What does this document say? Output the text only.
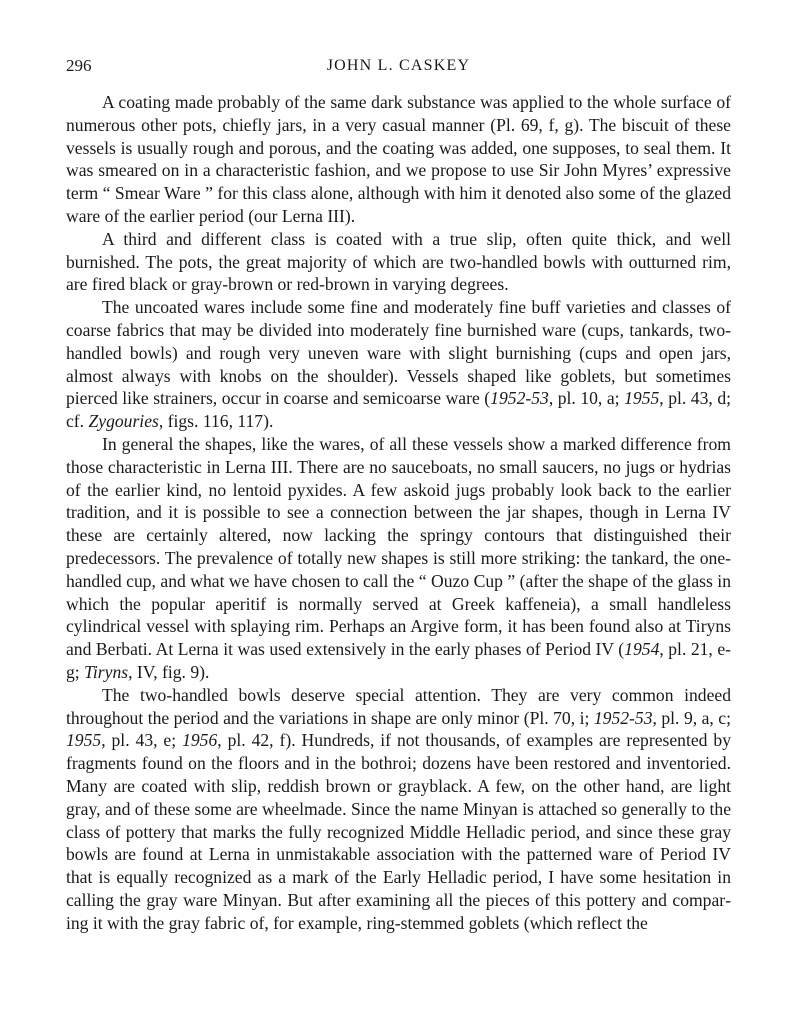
296	JOHN L. CASKEY

A coating made probably of the same dark substance was applied to the whole surface of numerous other pots, chiefly jars, in a very casual manner (Pl. 69, f, g). The biscuit of these vessels is usually rough and porous, and the coating was added, one supposes, to seal them. It was smeared on in a characteristic fashion, and we propose to use Sir John Myres’ expressive term “ Smear Ware ” for this class alone, although with him it denoted also some of the glazed ware of the earlier period (our Lerna III).

A third and different class is coated with a true slip, often quite thick, and well burnished. The pots, the great majority of which are two-handled bowls with outturned rim, are fired black or gray-brown or red-brown in varying degrees.

The uncoated wares include some fine and moderately fine buff varieties and classes of coarse fabrics that may be divided into moderately fine burnished ware (cups, tankards, two-handled bowls) and rough very uneven ware with slight burnishing (cups and open jars, almost always with knobs on the shoulder). Vessels shaped like goblets, but sometimes pierced like strainers, occur in coarse and semicoarse ware (1952-53, pl. 10, a; 1955, pl. 43, d; cf. Zygouries, figs. 116, 117).

In general the shapes, like the wares, of all these vessels show a marked difference from those characteristic in Lerna III. There are no sauceboats, no small saucers, no jugs or hydrias of the earlier kind, no lentoid pyxides. A few askoid jugs probably look back to the earlier tradition, and it is possible to see a connection between the jar shapes, though in Lerna IV these are certainly altered, now lacking the springy contours that distinguished their predecessors. The prevalence of totally new shapes is still more striking: the tankard, the one-handled cup, and what we have chosen to call the “ Ouzo Cup ” (after the shape of the glass in which the popular aperitif is normally served at Greek kaffeneia), a small handleless cylindrical vessel with splaying rim. Perhaps an Argive form, it has been found also at Tiryns and Berbati. At Lerna it was used extensively in the early phases of Period IV (1954, pl. 21, e-g; Tiryns, IV, fig. 9).

The two-handled bowls deserve special attention. They are very common indeed throughout the period and the variations in shape are only minor (Pl. 70, i; 1952-53, pl. 9, a, c; 1955, pl. 43, e; 1956, pl. 42, f). Hundreds, if not thousands, of examples are represented by fragments found on the floors and in the bothroi; dozens have been restored and inventoried. Many are coated with slip, reddish brown or grayblack. A few, on the other hand, are light gray, and of these some are wheelmade. Since the name Minyan is attached so generally to the class of pottery that marks the fully recognized Middle Helladic period, and since these gray bowls are found at Lerna in unmistakable association with the patterned ware of Period IV that is equally recognized as a mark of the Early Helladic period, I have some hesitation in calling the gray ware Minyan. But after examining all the pieces of this pottery and comparing it with the gray fabric of, for example, ring-stemmed goblets (which reflect the
